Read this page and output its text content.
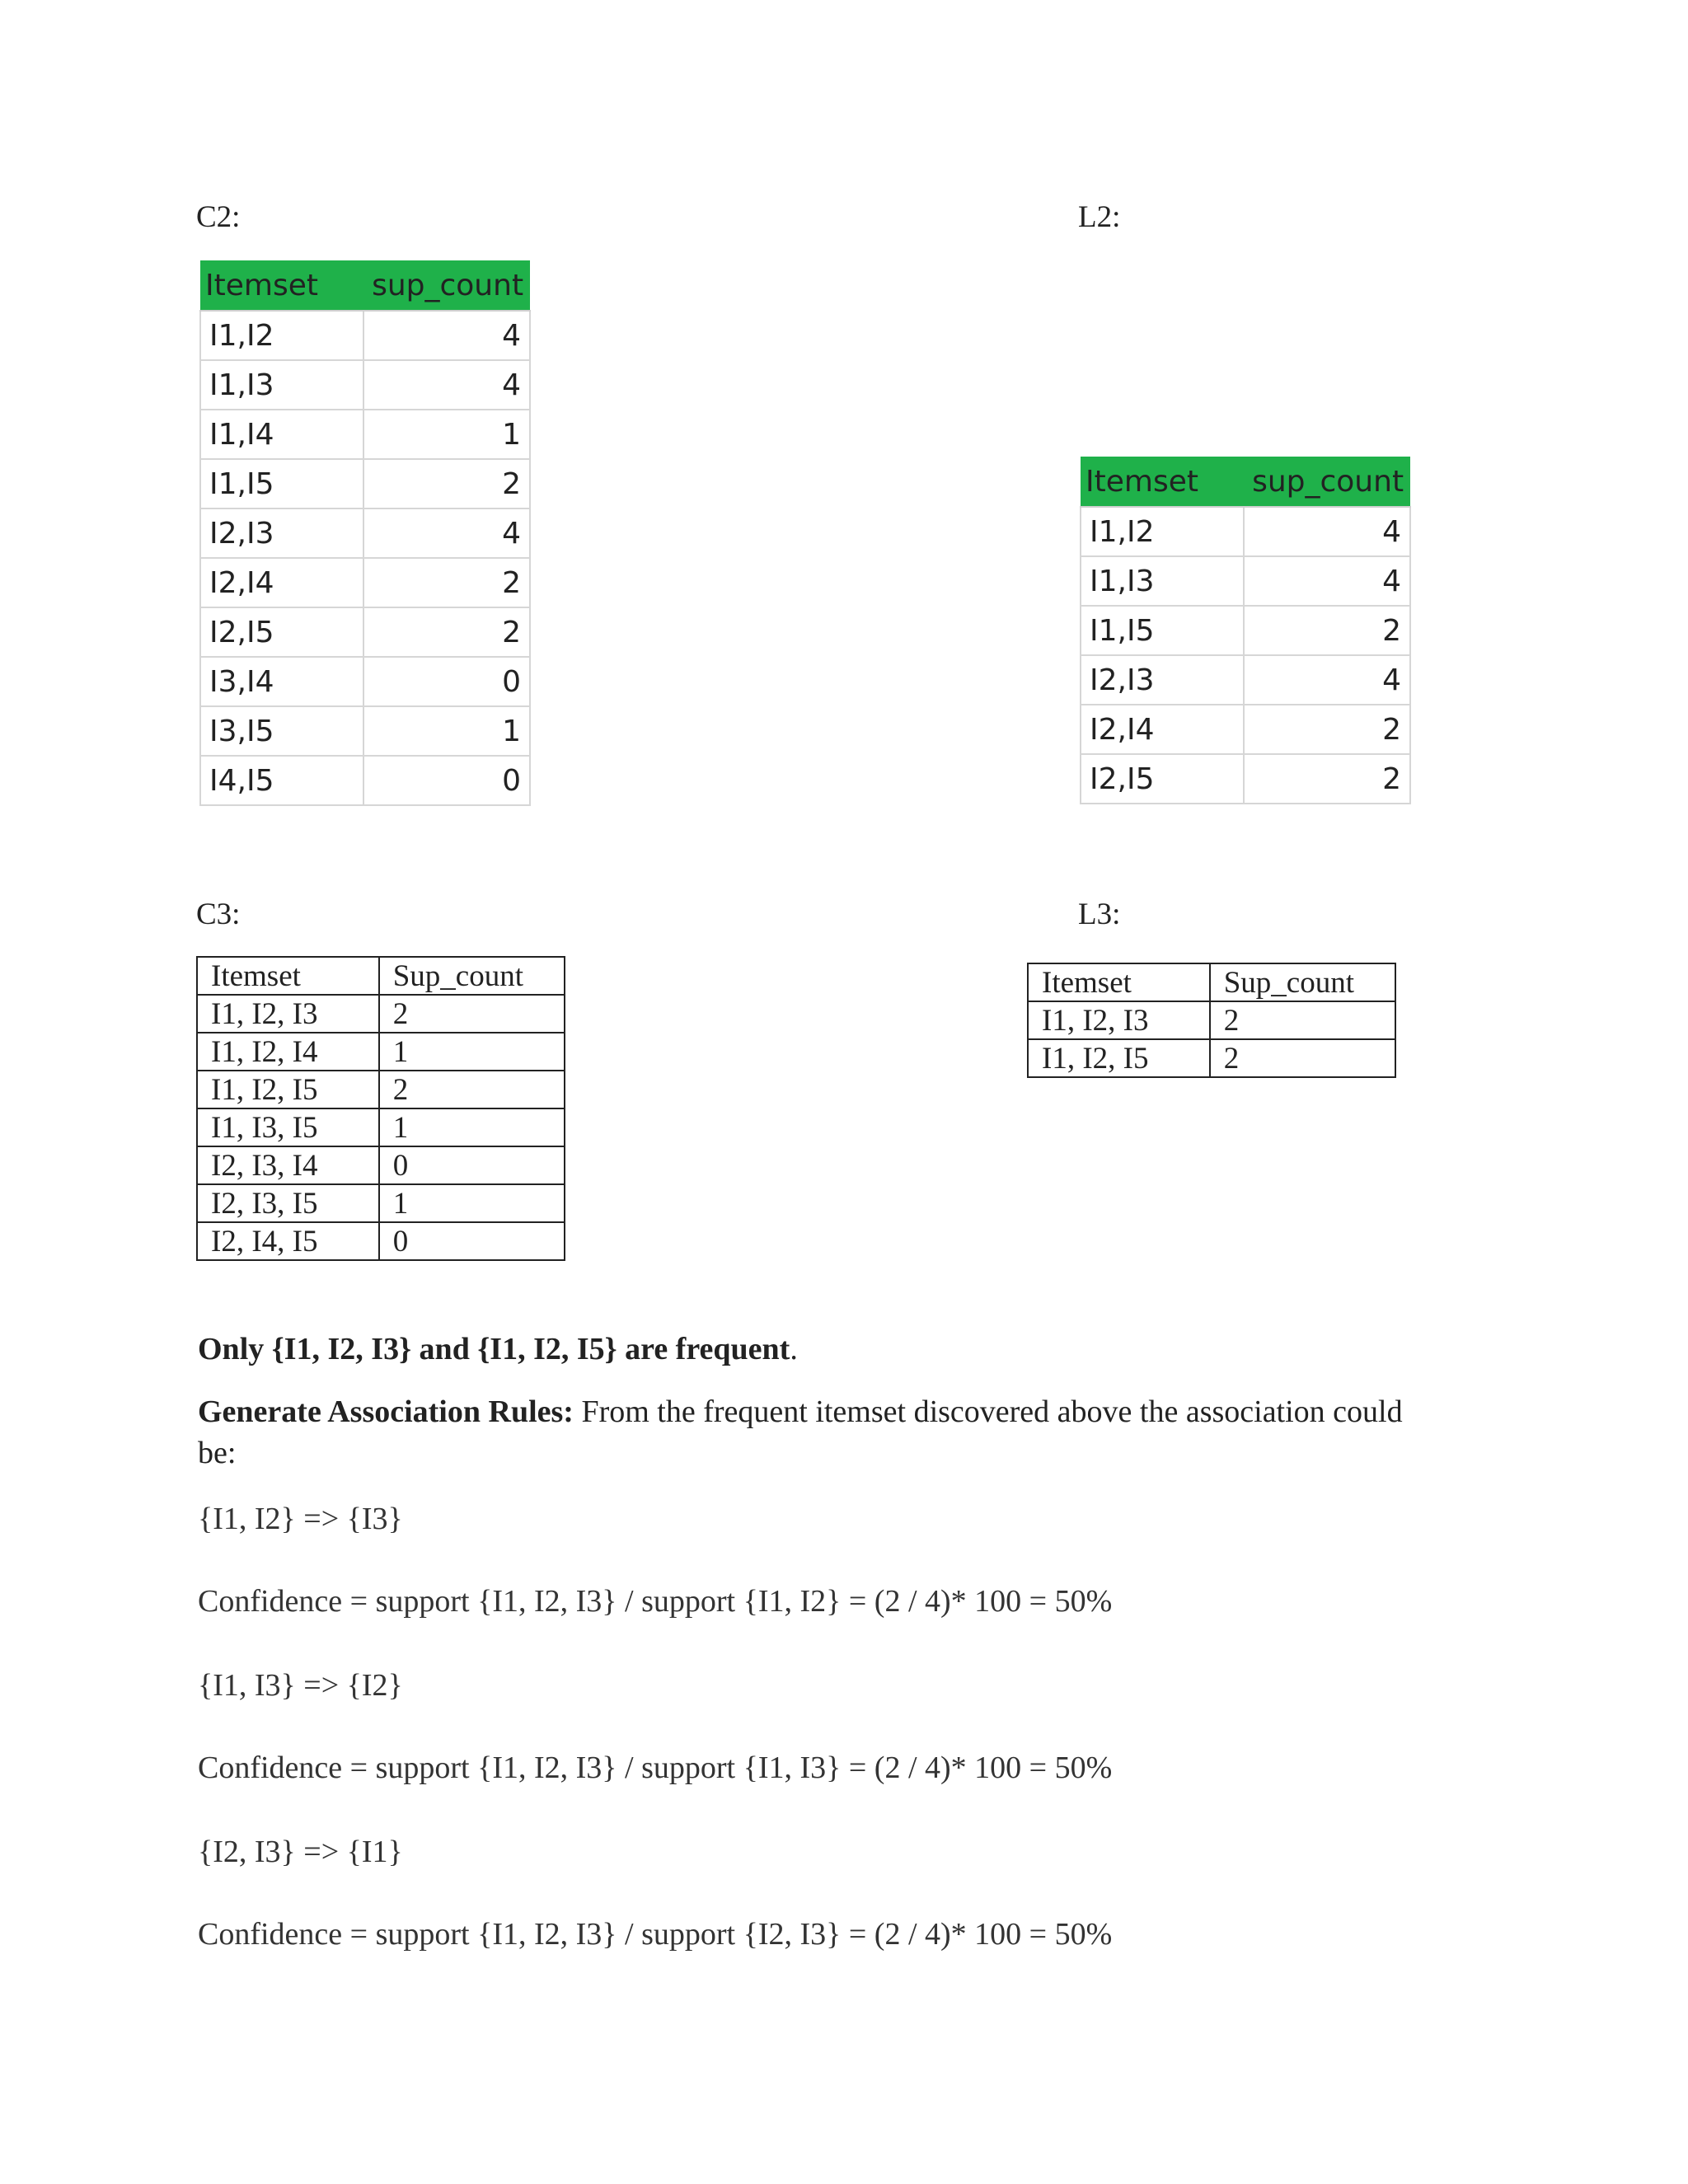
C2:	L2:
C3:	L3:
Itemset	sup_count
I1,I2	4
I1,I3	4
I1,I4	1
I1,I5	2
I2,I3	4
I2,I4	2
I2,I5	2
I3,I4	0
I3,I5	1
I4,I5	0
Itemset	sup_count
I1,I2	4
I1,I3	4
I1,I5	2
I2,I3	4
I2,I4	2
I2,I5	2
Itemset	Sup_count
I1, I2, I3	2
I1, I2, I4	1
I1, I2, I5	2
I1, I3, I5	1
I2, I3, I4	0
I2, I3, I5	1
I2, I4, I5	0
Itemset	Sup_count
I1, I2, I3	2
I1, I2, I5	2
Only {I1, I2, I3} and {I1, I2, I5} are frequent.
Generate Association Rules: From the frequent itemset discovered above the association could
be:
{I1, I2} => {I3}
Confidence = support {I1, I2, I3} / support {I1, I2} = (2 / 4)* 100 = 50%
{I1, I3} => {I2}
Confidence = support {I1, I2, I3} / support {I1, I3} = (2 / 4)* 100 = 50%
{I2, I3} => {I1}
Confidence = support {I1, I2, I3} / support {I2, I3} = (2 / 4)* 100 = 50%
